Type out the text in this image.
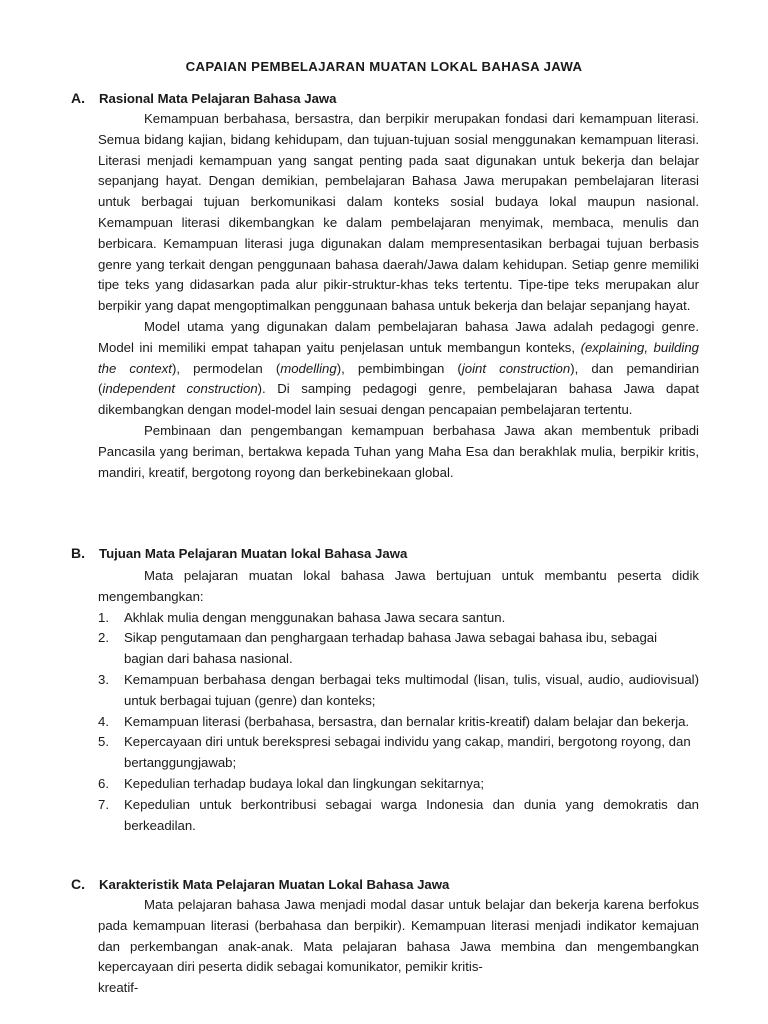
CAPAIAN PEMBELAJARAN MUATAN LOKAL BAHASA JAWA
A. Rasional Mata Pelajaran Bahasa Jawa

Kemampuan berbahasa, bersastra, dan berpikir merupakan fondasi dari kemampuan literasi. Semua bidang kajian, bidang kehidupam, dan tujuan-tujuan sosial menggunakan kemampuan literasi. Literasi menjadi kemampuan yang sangat penting pada saat digunakan untuk bekerja dan belajar sepanjang hayat. Dengan demikian, pembelajaran Bahasa Jawa merupakan pembelajaran literasi untuk berbagai tujuan berkomunikasi dalam konteks sosial budaya lokal maupun nasional. Kemampuan literasi dikembangkan ke dalam pembelajaran menyimak, membaca, menulis dan berbicara. Kemampuan literasi juga digunakan dalam mempresentasikan berbagai tujuan berbasis genre yang terkait dengan penggunaan bahasa daerah/Jawa dalam kehidupan. Setiap genre memiliki tipe teks yang didasarkan pada alur pikir-struktur-khas teks tertentu. Tipe-tipe teks merupakan alur berpikir yang dapat mengoptimalkan penggunaan bahasa untuk bekerja dan belajar sepanjang hayat.

Model utama yang digunakan dalam pembelajaran bahasa Jawa adalah pedagogi genre. Model ini memiliki empat tahapan yaitu penjelasan untuk membangun konteks, (explaining, building the context), permodelan (modelling), pembimbingan (joint construction), dan pemandirian (independent construction). Di samping pedagogi genre, pembelajaran bahasa Jawa dapat dikembangkan dengan model-model lain sesuai dengan pencapaian pembelajaran tertentu.

Pembinaan dan pengembangan kemampuan berbahasa Jawa akan membentuk pribadi Pancasila yang beriman, bertakwa kepada Tuhan yang Maha Esa dan berakhlak mulia, berpikir kritis, mandiri, kreatif, bergotong royong dan berkebinekaan global.

B. Tujuan Mata Pelajaran Muatan lokal Bahasa Jawa

Mata pelajaran muatan lokal bahasa Jawa bertujuan untuk membantu peserta didik mengembangkan:

1. Akhlak mulia dengan menggunakan bahasa Jawa secara santun.
2. Sikap pengutamaan dan penghargaan terhadap bahasa Jawa sebagai bahasa ibu, sebagai bagian dari bahasa nasional.
3. Kemampuan berbahasa dengan berbagai teks multimodal (lisan, tulis, visual, audio, audiovisual) untuk berbagai tujuan (genre) dan konteks;
4. Kemampuan literasi (berbahasa, bersastra, dan bernalar kritis-kreatif) dalam belajar dan bekerja.
5. Kepercayaan diri untuk berekspresi sebagai individu yang cakap, mandiri, bergotong royong, dan bertanggungjawab;
6. Kepedulian terhadap budaya lokal dan lingkungan sekitarnya;
7. Kepedulian untuk berkontribusi sebagai warga Indonesia dan dunia yang demokratis dan berkeadilan.
C. Karakteristik Mata Pelajaran Muatan Lokal Bahasa Jawa

Mata pelajaran bahasa Jawa menjadi modal dasar untuk belajar dan bekerja karena berfokus pada kemampuan literasi (berbahasa dan berpikir). Kemampuan literasi menjadi indikator kemajuan dan perkembangan anak-anak. Mata pelajaran bahasa Jawa membina dan mengembangkan kepercayaan diri peserta didik sebagai komunikator, pemikir kritis-

kreatif-
